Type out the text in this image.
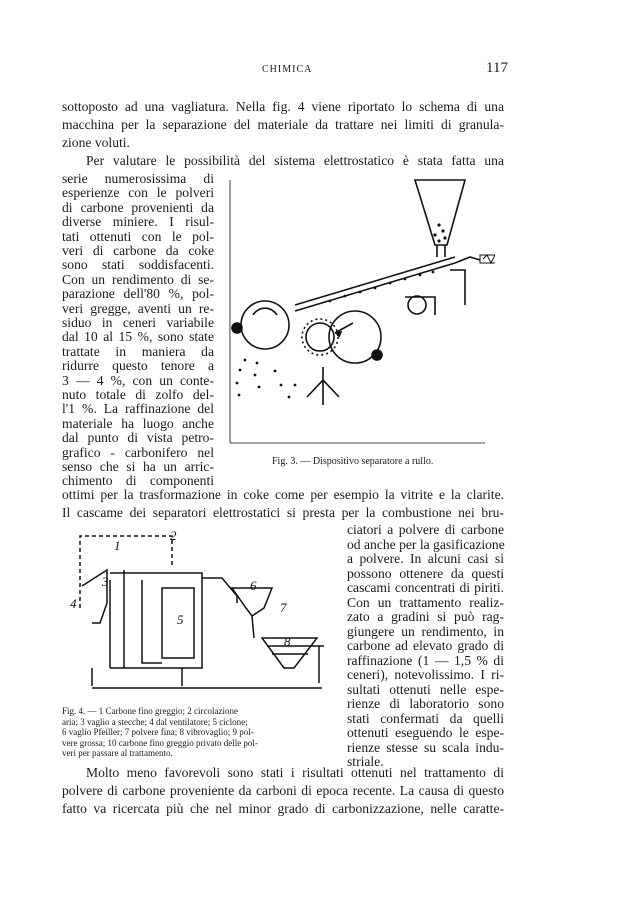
CHIMICA	117
sottoposto ad una vagliatura. Nella fig. 4 viene riportato lo schema di una
macchina per la separazione del materiale da trattare nei limiti di granula-
zione voluti.
Per valutare le possibilità del sistema elettrostatico è stata fatta una
serie numerosissima di
esperienze con le polveri
di carbone provenienti da
diverse miniere. I risul-
tati ottenuti con le pol-
veri di carbone da coke
sono stati soddisfacenti.
Con un rendimento di se-
parazione dell'80 %, pol-
veri gregge, aventi un re-
siduo in ceneri variabile
dal 10 al 15 %, sono state
trattate in maniera da
ridurre questo tenore a
3 — 4 %, con un conte-
nuto totale di zolfo del-
l'1 %. La raffinazione del
materiale ha luogo anche
dal punto di vista petro-
grafico - carbonifero nel
senso che si ha un arric-
chimento di componenti
Fig. 3. — Dispositivo separatore a rullo.
ottimi per la trasformazione in coke come per esempio la vitrite e la clarite.
Il cascame dei separatori elettrostatici si presta per la combustione nei bru-
1
2
3
4
5
6
7
8
Fig. 4. — 1 Carbone fino greggio; 2 circolazione
aria; 3 vaglio a stecche; 4 dal ventilatore; 5 ciclone;
6 vaglio Pfeiller; 7 polvere fina; 8 vibrovaglio; 9 pol-
vere grossa; 10 carbone fino greggio privato delle pol-
veri per passare al trattamento.
ciatori a polvere di carbone
od anche per la gasificazione
a polvere. In alcuni casi si
possono ottenere da questi
cascami concentrati di piriti.
Con un trattamento realiz-
zato a gradini si può rag-
giungere un rendimento, in
carbone ad elevato grado di
raffinazione (1 — 1,5 % di
ceneri), notevolissimo. I ri-
sultati ottenuti nelle espe-
rienze di laboratorio sono
stati confermati da quelli
ottenuti eseguendo le espe-
rienze stesse su scala indu-
striale.
Molto meno favorevoli sono stati i risultati ottenuti nel trattamento di
polvere di carbone proveniente da carboni di epoca recente. La causa di questo
fatto va ricercata più che nel minor grado di carbonizzazione, nelle caratte-
